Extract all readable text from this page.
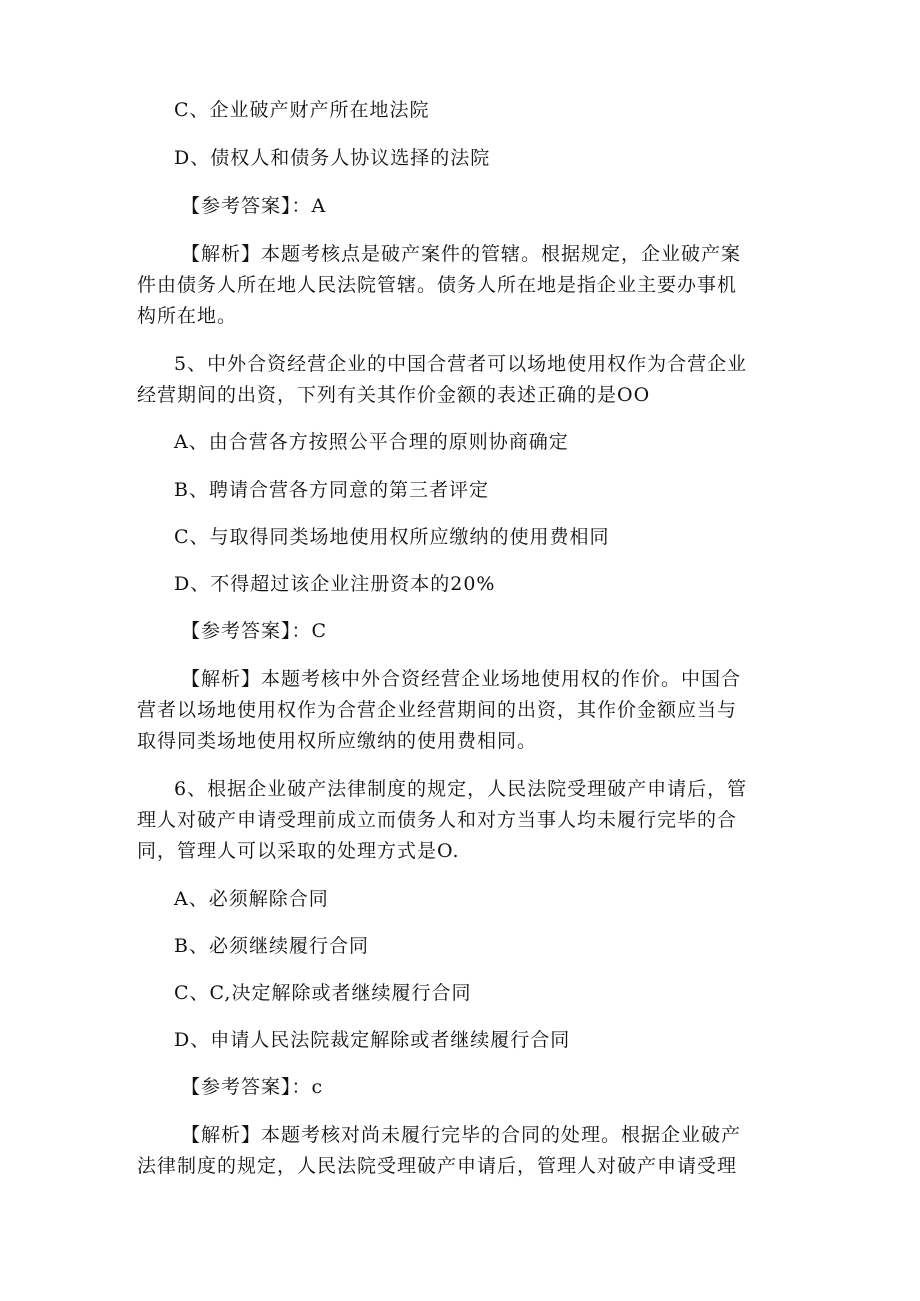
C、企业破产财产所在地法院
D、债权人和债务人协议选择的法院
【参考答案】：A
【解析】本题考核点是破产案件的管辖。根据规定，企业破产案
件由债务人所在地人民法院管辖。债务人所在地是指企业主要办事机
构所在地。
5、中外合资经营企业的中国合营者可以场地使用权作为合营企业
经营期间的出资，下列有关其作价金额的表述正确的是OO
A、由合营各方按照公平合理的原则协商确定
B、聘请合营各方同意的第三者评定
C、与取得同类场地使用权所应缴纳的使用费相同
D、不得超过该企业注册资本的20%
【参考答案】：C
【解析】本题考核中外合资经营企业场地使用权的作价。中国合
营者以场地使用权作为合营企业经营期间的出资，其作价金额应当与
取得同类场地使用权所应缴纳的使用费相同。
6、根据企业破产法律制度的规定，人民法院受理破产申请后，管
理人对破产申请受理前成立而债务人和对方当事人均未履行完毕的合
同，管理人可以采取的处理方式是O.
A、必须解除合同
B、必须继续履行合同
C、C,决定解除或者继续履行合同
D、申请人民法院裁定解除或者继续履行合同
【参考答案】：c
【解析】本题考核对尚未履行完毕的合同的处理。根据企业破产
法律制度的规定，人民法院受理破产申请后，管理人对破产申请受理
